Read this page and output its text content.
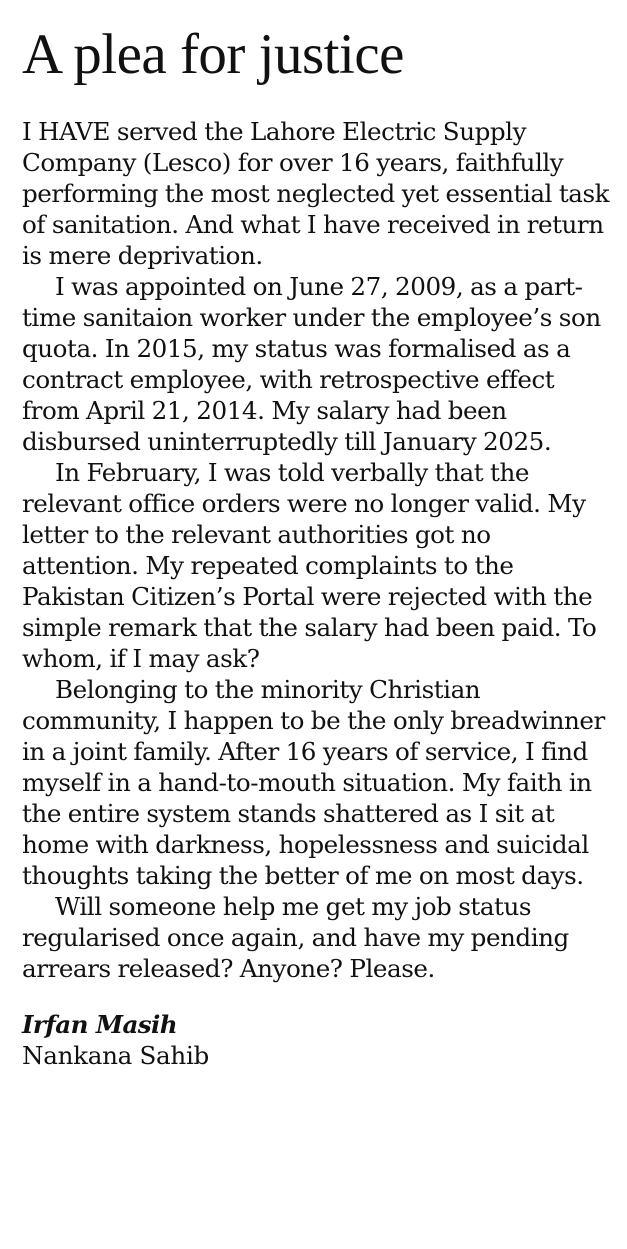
A plea for justice

I HAVE served the Lahore Electric Supply Company (Lesco) for over 16 years, faithfully performing the most neglected yet essential task of sanitation. And what I have received in return is mere deprivation.

I was appointed on June 27, 2009, as a part-time sanitaion worker under the employee’s son quota. In 2015, my status was formalised as a contract employee, with retrospective effect from April 21, 2014. My salary had been disbursed uninterruptedly till January 2025.

In February, I was told verbally that the relevant office orders were no longer valid. My letter to the relevant authorities got no attention. My repeated complaints to the Pakistan Citizen’s Portal were rejected with the simple remark that the salary had been paid. To whom, if I may ask?

Belonging to the minority Christian community, I happen to be the only breadwinner in a joint family. After 16 years of service, I find myself in a hand-to-mouth situation. My faith in the entire system stands shattered as I sit at home with darkness, hopelessness and suicidal thoughts taking the better of me on most days.

Will someone help me get my job status regularised once again, and have my pending arrears released? Anyone? Please.

Irfan Masih
Nankana Sahib
